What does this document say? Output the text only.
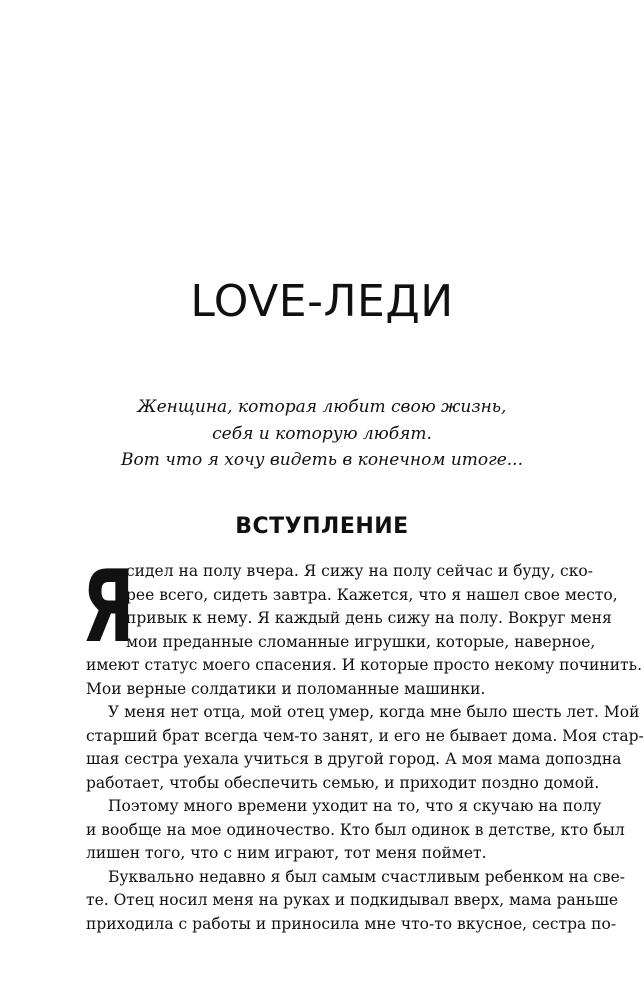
LOVE-ЛЕДИ
Женщина, которая любит свою жизнь,
себя и которую любят.
Вот что я хочу видеть в конечном итоге...
ВСТУПЛЕНИЕ
Я
сидел на полу вчера. Я сижу на полу сейчас и буду, ско-
рее всего, сидеть завтра. Кажется, что я нашел свое место,
привык к нему. Я каждый день сижу на полу. Вокруг меня
мои преданные сломанные игрушки, которые, наверное,
имеют статус моего спасения. И которые просто некому починить.
Мои верные солдатики и поломанные машинки.
У меня нет отца, мой отец умер, когда мне было шесть лет. Мой
старший брат всегда чем-то занят, и его не бывает дома. Моя стар-
шая сестра уехала учиться в другой город. А моя мама допоздна
работает, чтобы обеспечить семью, и приходит поздно домой.
Поэтому много времени уходит на то, что я скучаю на полу
и вообще на мое одиночество. Кто был одинок в детстве, кто был
лишен того, что с ним играют, тот меня поймет.
Буквально недавно я был самым счастливым ребенком на све-
те. Отец носил меня на руках и подкидывал вверх, мама раньше
приходила с работы и приносила мне что-то вкусное, сестра по-
